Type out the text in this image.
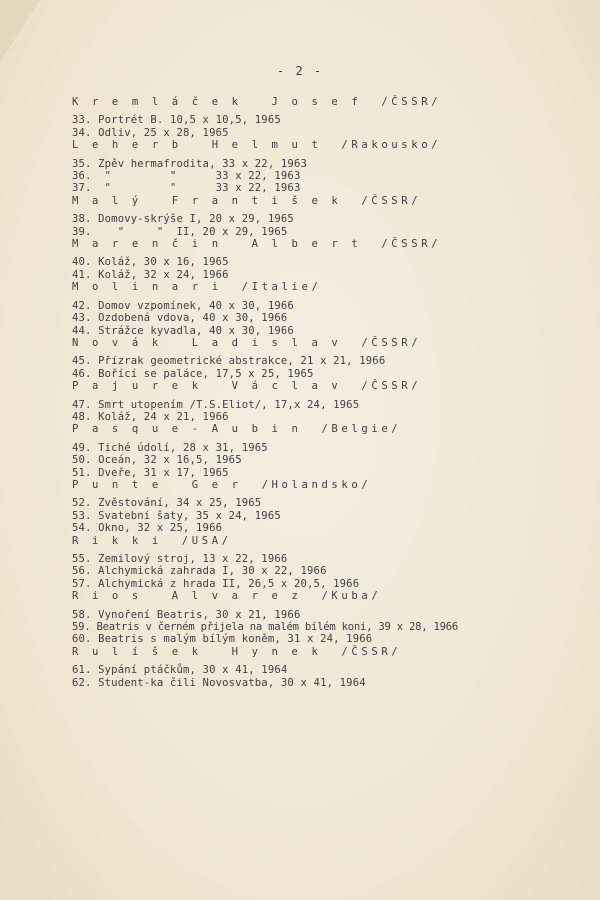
- 2 -
K r e m l á č e k   J o s e f  /ČSSR/
33. Portrét B. 10,5 x 10,5, 1965
34. Odliv, 25 x 28, 1965
L e h e r b   H e l m u t  /Rakousko/
35. Zpěv hermafrodita, 33 x 22, 1963
36.  "         "      33 x 22, 1963
37.  "         "      33 x 22, 1963
M a l ý   F r a n t i š e k  /ČSSR/
38. Domovy-skrýše I, 20 x 29, 1965
39.    "     "  II, 20 x 29, 1965
M a r e n č i n   A l b e r t  /ČSSR/
40. Koláž, 30 x 16, 1965
41. Koláž, 32 x 24, 1966
M o l i n a r i  /Italie/
42. Domov vzpomínek, 40 x 30, 1966
43. Ozdobená vdova, 40 x 30, 1966
44. Strážce kyvadla, 40 x 30, 1966
N o v á k   L a d i s l a v  /ČSSR/
45. Přízrak geometrické abstrakce, 21 x 21, 1966
46. Bořící se paláce, 17,5 x 25, 1965
P a j u r e k   V á c l a v  /ČSSR/
47. Smrt utopením /T.S.Eliot/, 17,x 24, 1965
48. Koláž, 24 x 21, 1966
P a s q u e - A u b i n  /Belgie/
49. Tiché údolí, 28 x 31, 1965
50. Oceán, 32 x 16,5, 1965
51. Dveře, 31 x 17, 1965
P u n t e   G e r  /Holandsko/
52. Zvěstování, 34 x 25, 1965
53. Svatební šaty, 35 x 24, 1965
54. Okno, 32 x 25, 1966
R i k k i  /USA/
55. Zemilový stroj, 13 x 22, 1966
56. Alchymická zahrada I, 30 x 22, 1966
57. Alchymická z hrada II, 26,5 x 20,5, 1966
R i o s   A l v a r e z  /Kuba/
58. Vynoření Beatris, 30 x 21, 1966
59. Beatris v černém přijela na malém bílém koni, 39 x 28, 1966
60. Beatris s malým bílým koněm, 31 x 24, 1966
R u l í š e k   H y n e k  /ČSSR/
61. Sypání ptáčkům, 30 x 41, 1964
62. Student-ka čili Novosvatba, 30 x 41, 1964
